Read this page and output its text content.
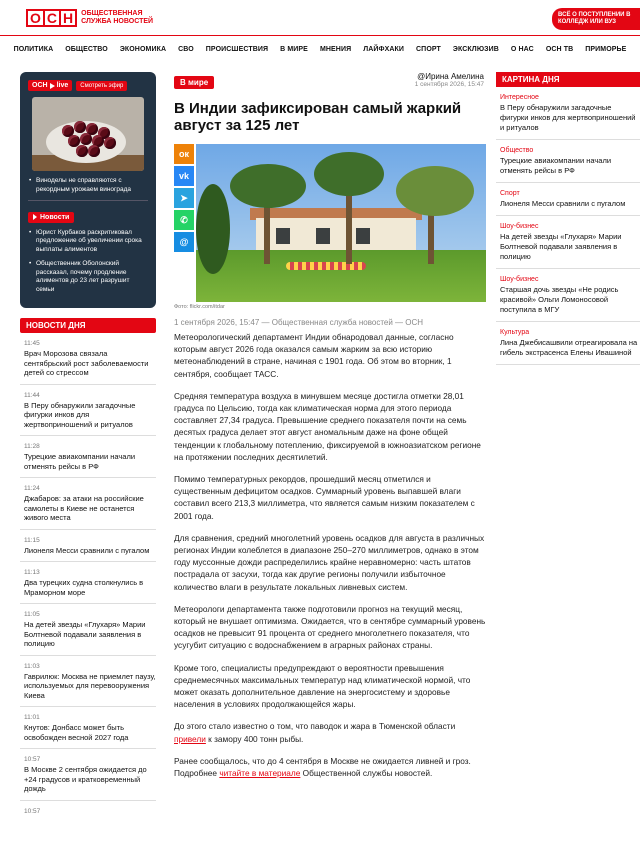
О С Н ОБЩЕСТВЕННАЯ СЛУЖБА НОВОСТЕЙ
ВСЁ О ПОСТУПЛЕНИИ В КОЛЛЕДЖ ИЛИ ВУЗ
ПОЛИТИКА	ОБЩЕСТВО	ЭКОНОМИКА	СВО	ПРОИСШЕСТВИЯ	В МИРЕ	МНЕНИЯ	ЛАЙФХАКИ	СПОРТ	ЭКСКЛЮЗИВ	О НАС	ОСН ТВ	ПРИМОРЬЕ
ОСН live	Смотреть эфир
• Виноделы не справляются с рекордным урожаем винограда
Новости
• Юрист Курбаков раскритиковал предложение об увеличении срока выплаты алиментов
• Общественник Оболонский рассказал, почему продление алиментов до 23 лет разрушит семьи
НОВОСТИ ДНЯ
11:45
Врач Морозова связала сентябрьский рост заболеваемости детей со стрессом
11:44
В Перу обнаружили загадочные фигурки инков для жертвоприношений и ритуалов
11:28
Турецкие авиакомпании начали отменять рейсы в РФ
11:24
Джабаров: за атаки на российские самолеты в Киеве не останется живого места
11:15
Лионеля Месси сравнили с пугалом
11:13
Два турецких судна столкнулись в Мраморном море
11:05
На детей звезды «Глухаря» Марии Болтневой подавали заявления в полицию
11:03
Гаврилюк: Москва не приемлет паузу, используемых для перевооружения Киева
11:01
Кнутов: Донбасс может быть освобожден весной 2027 года
10:57
В Москве 2 сентября ожидается до +24 градусов и кратковременный дождь
10:57
В мире
@Ирина Амелина
1 сентября 2026, 15:47
В Индии зафиксирован самый жаркий август за 125 лет
ок
vk
➤
✆
@
Фото: flickr.com/itdar
1 сентября 2026, 15:47 — Общественная служба новостей — ОСН

Метеорологический департамент Индии обнародовал данные, согласно которым август 2026 года оказался самым жарким за всю историю метеонаблюдений в стране, начиная с 1901 года. Об этом во вторник, 1 сентября, сообщает ТАСС.

Средняя температура воздуха в минувшем месяце достигла отметки 28,01 градуса по Цельсию, тогда как климатическая норма для этого периода составляет 27,34 градуса. Превышение среднего показателя почти на семь десятых градуса делает этот август аномальным даже на фоне общей тенденции к глобальному потеплению, фиксируемой в южноазиатском регионе на протяжении последних десятилетий.

Помимо температурных рекордов, прошедший месяц отметился и существенным дефицитом осадков. Суммарный уровень выпавшей влаги составил всего 213,3 миллиметра, что является самым низким показателем с 2001 года.

Для сравнения, средний многолетний уровень осадков для августа в различных регионах Индии колеблется в диапазоне 250–270 миллиметров, однако в этом году муссонные дожди распределились крайне неравномерно: часть штатов пострадала от засухи, тогда как другие регионы получили избыточное количество влаги в результате локальных ливневых систем.

Метеорологи департамента также подготовили прогноз на текущий месяц, который не внушает оптимизма. Ожидается, что в сентябре суммарный уровень осадков не превысит 91 процента от среднего многолетнего показателя, что усугубит ситуацию с водоснабжением в аграрных районах страны.

Кроме того, специалисты предупреждают о вероятности превышения среднемесячных максимальных температур над климатической нормой, что может оказать дополнительное давление на энергосистему и здоровье населения в условиях продолжающейся жары.

До этого стало известно о том, что паводок и жара в Тюменской области привели к замору 400 тонн рыбы.

Ранее сообщалось, что до 4 сентября в Москве не ожидается ливней и гроз. Подробнее читайте в материале Общественной службы новостей.

КАРТИНА ДНЯ
Интересное
В Перу обнаружили загадочные фигурки инков для жертвоприношений и ритуалов
Общество
Турецкие авиакомпании начали отменять рейсы в РФ
Спорт
Лионеля Месси сравнили с пугалом
Шоу-бизнес
На детей звезды «Глухаря» Марии Болтневой подавали заявления в полицию
Шоу-бизнес
Старшая дочь звезды «Не родись красивой» Ольги Ломоносовой поступила в МГУ
Культура
Лина Джебисашвили отреагировала на гибель экстрасенса Елены Ивашиной
